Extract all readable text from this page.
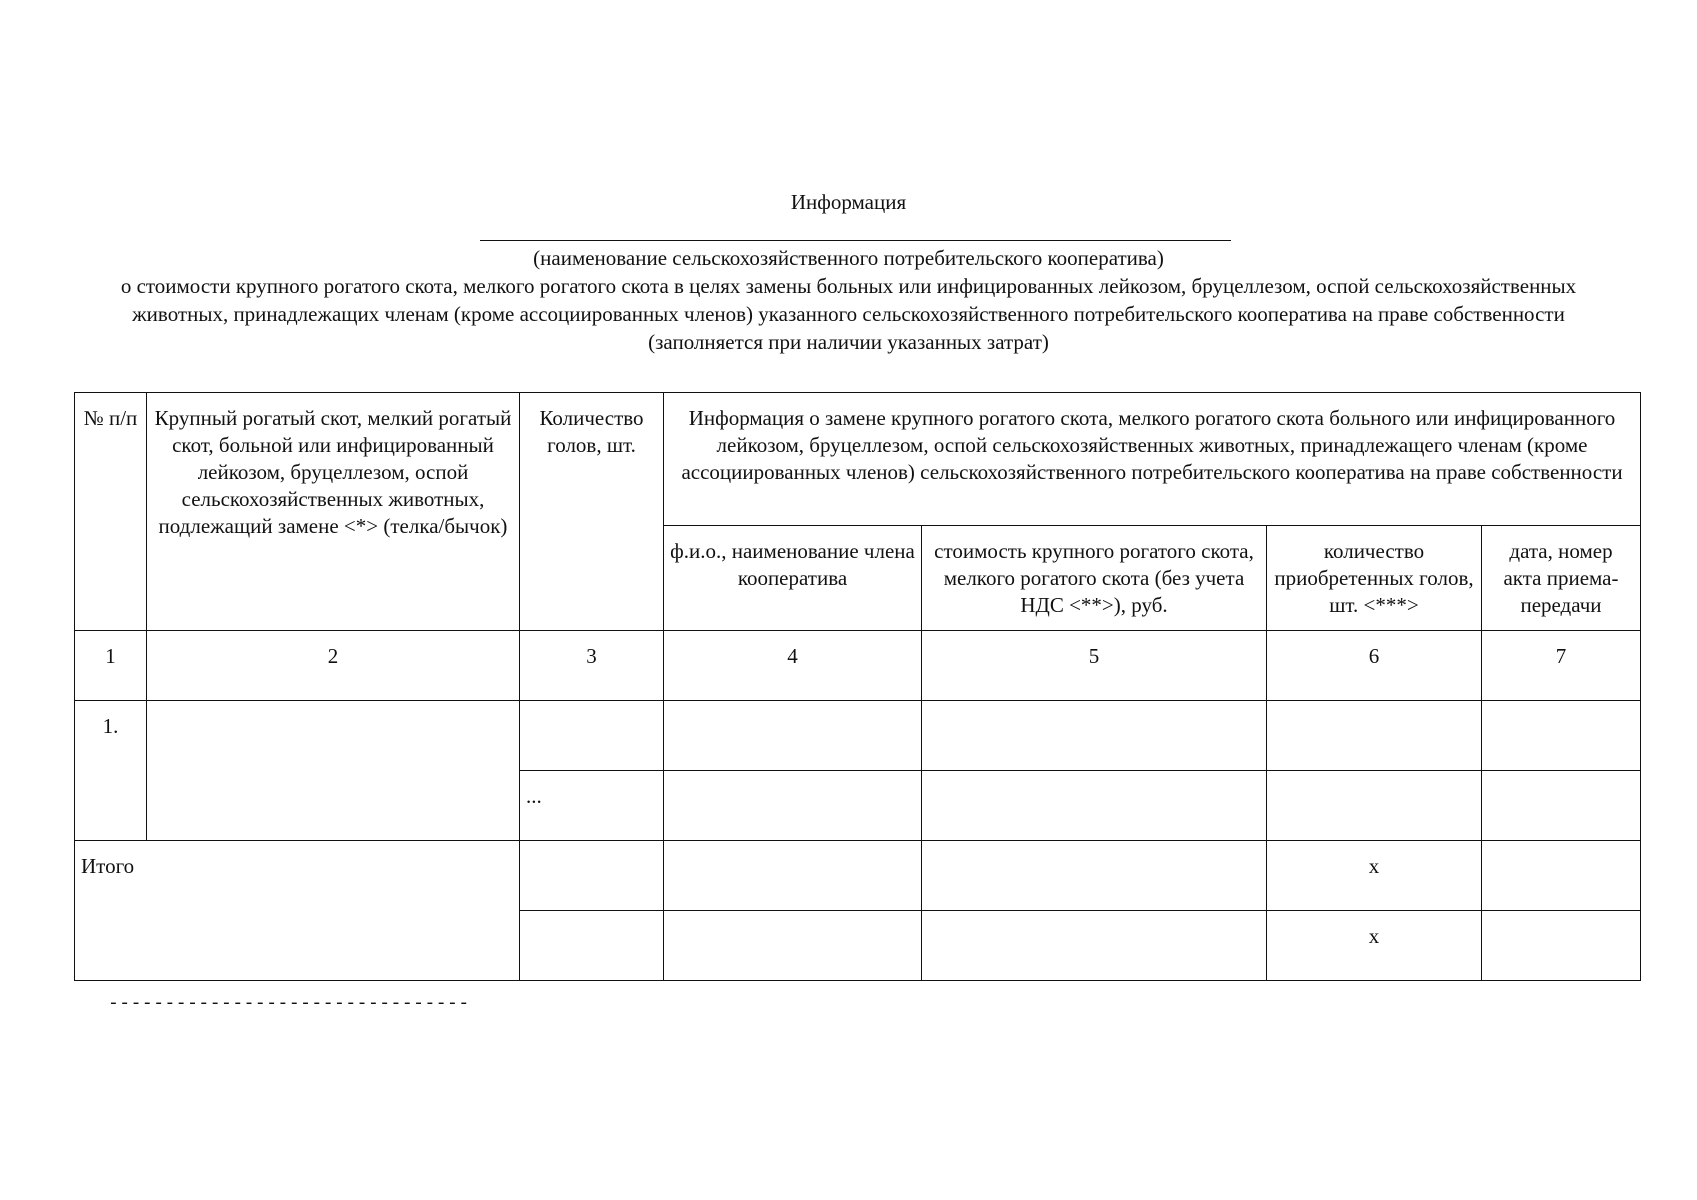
Информация
(наименование сельскохозяйственного потребительского кооператива)
о стоимости крупного рогатого скота, мелкого рогатого скота в целях замены больных или инфицированных лейкозом, бруцеллезом, оспой сельскохозяйственных животных, принадлежащих членам (кроме ассоциированных членов) указанного сельскохозяйственного потребительского кооператива на праве собственности
(заполняется при наличии указанных затрат)
№ п/п	Крупный рогатый скот, мелкий рогатый скот, больной или инфицированный лейкозом, бруцеллезом, оспой сельскохозяйственных животных, подлежащий замене <*> (телка/бычок)	Количество голов, шт.	Информация о замене крупного рогатого скота, мелкого рогатого скота больного или инфицированного лейкозом, бруцеллезом, оспой сельскохозяйственных животных, принадлежащего членам (кроме ассоциированных членов) сельскохозяйственного потребительского кооператива на праве собственности			
			ф.и.о., наименование члена кооператива	стоимость крупного рогатого скота, мелкого рогатого скота (без учета НДС <**>), руб.	количество приобретенных голов, шт. <***>	дата, номер акта приема-передачи
1	2	3	4	5	6	7
1.						
		...				
Итого					x	
					x	
--------------------------------
